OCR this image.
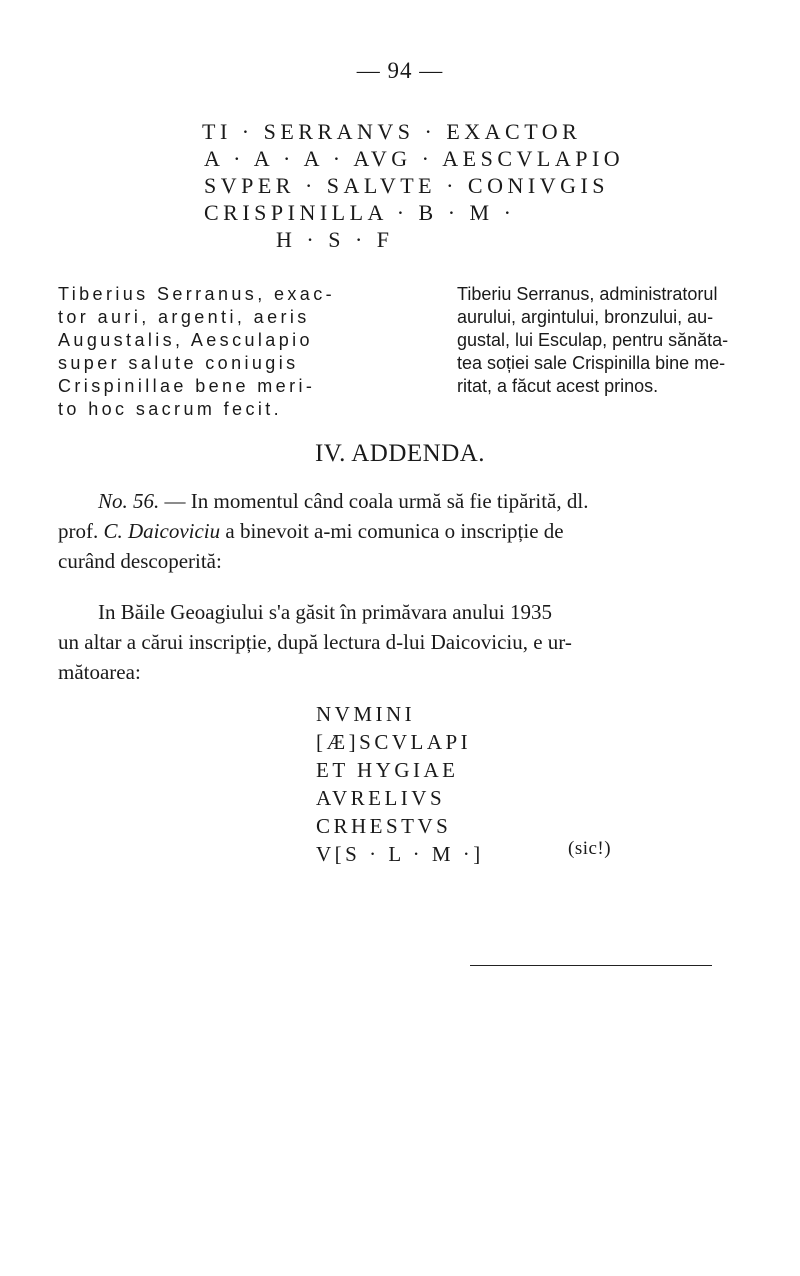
— 94 —
TI · SERRANVS · EXACTOR
A · A · A · AVG · AESCVLAPIO
SVPER · SALVTE · CONIVGIS
CRISPINILLA · B · M ·
H · S · F
Tiberius Serranus, exac-
tor auri, argenti, aeris
Augustalis, Aesculapio
super salute coniugis
Crispinillae bene meri-
to hoc sacrum fecit.
Tiberiu Serranus, administratorul
aurului, argintului, bronzului, au-
gustal, lui Esculap, pentru sănăta-
tea soției sale Crispinilla bine me-
ritat, a făcut acest prinos.
IV. ADDENDA.
No. 56. — In momentul când coala urmă să fie tipărită, dl.
prof. C. Daicoviciu a binevoit a-mi comunica o inscripție de
curând descoperită:
In Băile Geoagiului s'a găsit în primăvara anului 1935
un altar a cărui inscripție, după lectura d-lui Daicoviciu, e ur-
mătoarea:
NVMINI
[Æ]SCVLAPI
ET HYGIAE
AVRELIVS
CRHESTVS
V[S · L · M ·]	(sic!)
